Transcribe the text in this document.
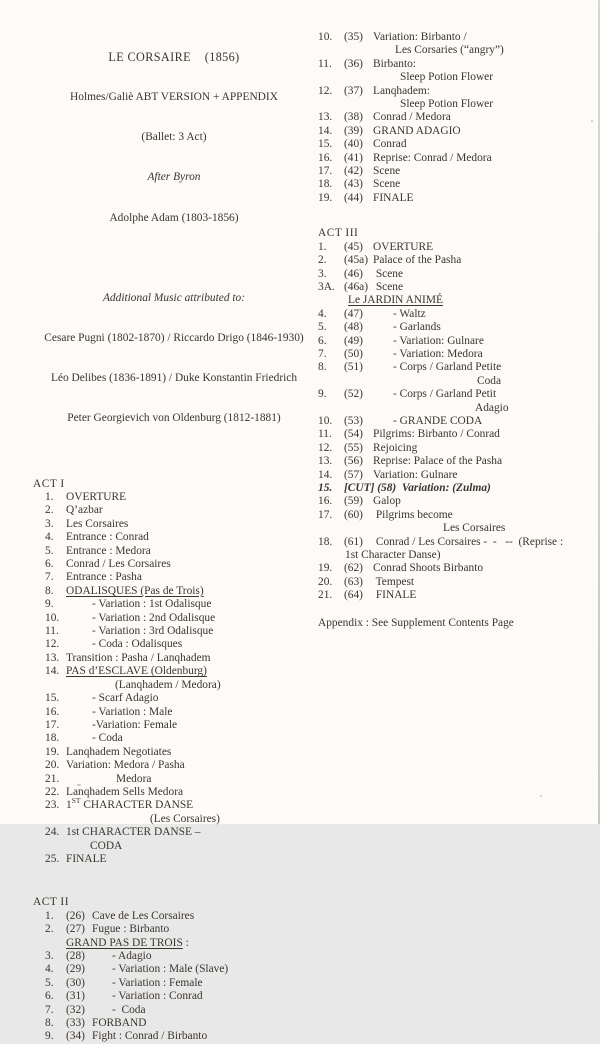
LE CORSAIRE    (1856)

Holmes/Galiè ABT VERSION + APPENDIX

(Ballet: 3 Act)

After Byron

Adolphe Adam (1803-1856)

Additional Music attributed to:

Cesare Pugni (1802-1870) / Riccardo Drigo (1846-1930)

Léo Delibes (1836-1891) / Duke Konstantin Friedrich

Peter Georgievich von Oldenburg (1812-1881)

ACT I
1.	OVERTURE
2.	Q’azbar
3.	Les Corsaires
4.	Entrance : Conrad
5.	Entrance : Medora
6.	Conrad / Les Corsaires
7.	Entrance : Pasha
8.	ODALISQUES (Pas de Trois)
9.	- Variation : 1st Odalisque
10.	- Variation : 2nd Odalisque
11.	- Variation : 3rd Odalisque
12.	- Coda : Odalisques
13. Transition : Pasha / Lanqhadem
14. PAS d’ESCLAVE (Oldenburg)
(Lanqhadem / Medora)
15.	- Scarf Adagio
16.	- Variation : Male
17.	-Variation: Female
18.	- Coda
19. Lanqhadem Negotiates
20. Variation: Medora / Pasha
21.	Medora
22. Lanqhadem Sells Medora
23. 1ST CHARACTER DANSE
(Les Corsaires)
24. 1st CHARACTER DANSE –
CODA
25. FINALE
ACT II
1.	(26) Cave de Les Corsaires
2.	(27) Fugue : Birbanto
GRAND PAS DE TROIS :
3.	(28)	- Adagio
4.	(29)	- Variation : Male (Slave)
5.	(30)	- Variation : Female
6.	(31)	- Variation : Conrad
7.	(32)	-  Coda
8.	(33) FORBAND
9.	(34) Fight : Conrad / Birbanto
10.	(35) Variation: Birbanto /
Les Corsaries (“angry”)
11.	(36) Birbanto:
Sleep Potion Flower
12.	(37) Lanqhadem:
Sleep Potion Flower
13.	(38) Conrad / Medora
14.	(39) GRAND ADAGIO
15.	(40) Conrad
16.	(41) Reprise: Conrad / Medora
17.	(42) Scene
18.	(43) Scene
19.	(44) FINALE
ACT III
1.	(45) OVERTURE
2.	(45a) Palace of the Pasha
3.	(46) Scene
3A. (46a) Scene
Le JARDIN ANIMÉ
4.	(47)	- Waltz
5.	(48)	- Garlands
6.	(49)	- Variation: Gulnare
7.	(50)	- Variation: Medora
8.	(51)	- Corps / Garland Petite
Coda
9.	(52)	- Corps / Garland Petit
Adagio
10.	(53)	- GRANDE CODA
11.	(54) Pilgrims: Birbanto / Conrad
12.	(55) Rejoicing
13.	(56) Reprise: Palace of the Pasha
14.	(57) Variation: Gulnare
15.	[CUT] (58)  Variation: (Zulma)
16.	(59) Galop
17.	(60) Pilgrims become
Les Corsaires
18.	(61) Conrad / Les Corsaires -  -   --  (Reprise :
1st Character Danse)
19.	(62) Conrad Shoots Birbanto
20.	(63) Tempest
21.	(64) FINALE
Appendix : See Supplement Contents Page
